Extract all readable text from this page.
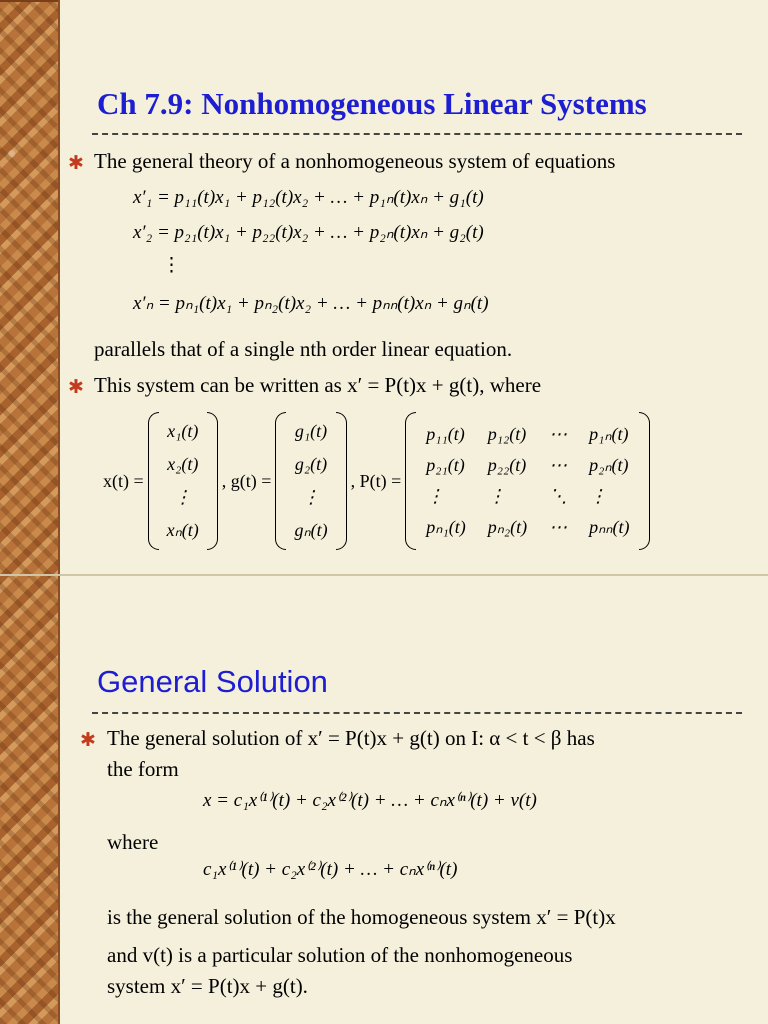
Ch 7.9: Nonhomogeneous Linear Systems
✱ The general theory of a nonhomogeneous system of equations
x′₁ = p₁₁(t)x₁ + p₁₂(t)x₂ + … + p₁ₙ(t)xₙ + g₁(t)
x′₂ = p₂₁(t)x₁ + p₂₂(t)x₂ + … + p₂ₙ(t)xₙ + g₂(t)
⋮
x′ₙ = pₙ₁(t)x₁ + pₙ₂(t)x₂ + … + pₙₙ(t)xₙ + gₙ(t)
parallels that of a single nth order linear equation.
✱ This system can be written as x′ = P(t)x + g(t), where
x(t) =
x₁(t)
x₂(t)
⋮
xₙ(t)
, g(t) =
g₁(t)
g₂(t)
⋮
gₙ(t)
, P(t) =
p₁₁(t) p₁₂(t) ⋯ p₁ₙ(t)
p₂₁(t) p₂₂(t) ⋯ p₂ₙ(t)
⋮	⋮	⋱ ⋮
pₙ₁(t) pₙ₂(t) ⋯ pₙₙ(t)
General Solution
✱ The general solution of x′ = P(t)x + g(t) on I: α < t < β has
the form
x = c₁x⁽¹⁾(t) + c₂x⁽²⁾(t) + … + cₙx⁽ⁿ⁾(t) + v(t)
where
c₁x⁽¹⁾(t) + c₂x⁽²⁾(t) + … + cₙx⁽ⁿ⁾(t)
is the general solution of the homogeneous system x′ = P(t)x
and v(t) is a particular solution of the nonhomogeneous
system x′ = P(t)x + g(t).
